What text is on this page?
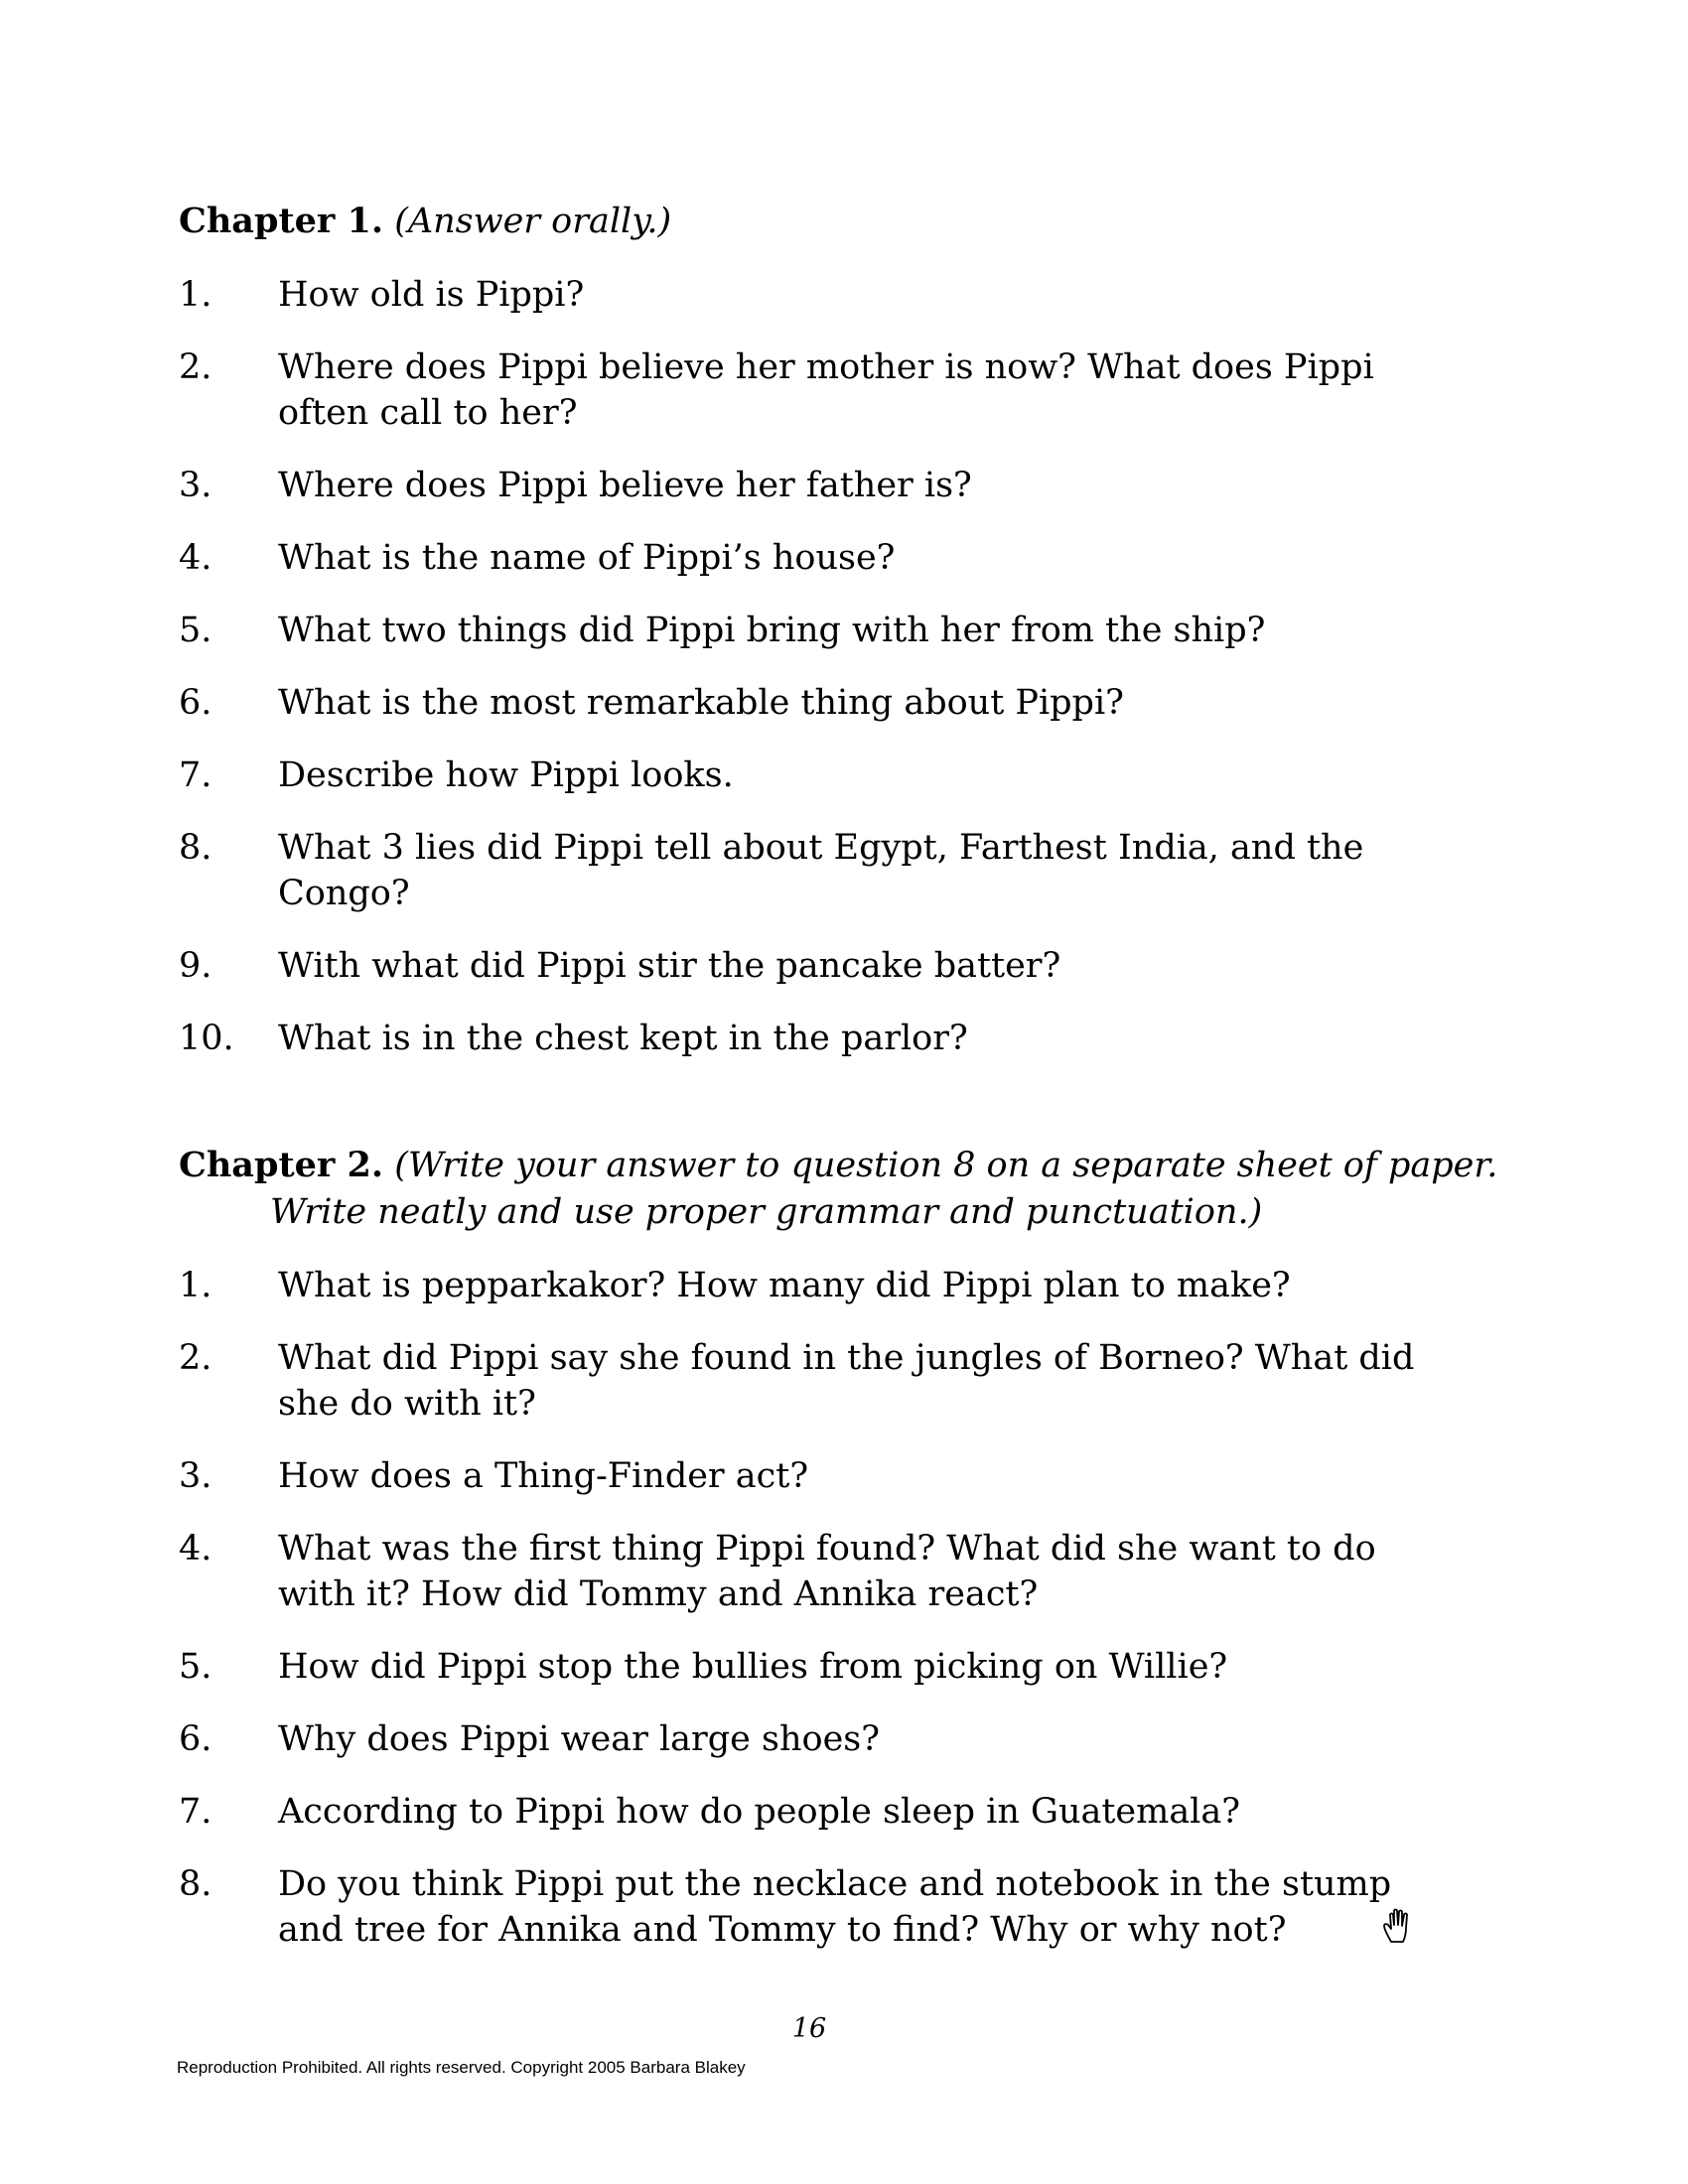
Chapter 1. (Answer orally.)

1.	How old is Pippi?
2.	Where does Pippi believe her mother is now? What does Pippi often call to her?
3.	Where does Pippi believe her father is?
4.	What is the name of Pippi’s house?
5.	What two things did Pippi bring with her from the ship?
6.	What is the most remarkable thing about Pippi?
7.	Describe how Pippi looks.
8.	What 3 lies did Pippi tell about Egypt, Farthest India, and the Congo?
9.	With what did Pippi stir the pancake batter?
10.	What is in the chest kept in the parlor?

Chapter 2. (Write your answer to question 8 on a separate sheet of paper. Write neatly and use proper grammar and punctuation.)

1.	What is pepparkakor? How many did Pippi plan to make?
2.	What did Pippi say she found in the jungles of Borneo? What did she do with it?
3.	How does a Thing-Finder act?
4.	What was the first thing Pippi found? What did she want to do with it? How did Tommy and Annika react?
5.	How did Pippi stop the bullies from picking on Willie?
6.	Why does Pippi wear large shoes?
7.	According to Pippi how do people sleep in Guatemala?
8.	Do you think Pippi put the necklace and notebook in the stump and tree for Annika and Tommy to find? Why or why not?
16
Reproduction Prohibited. All rights reserved. Copyright 2005 Barbara Blakey
